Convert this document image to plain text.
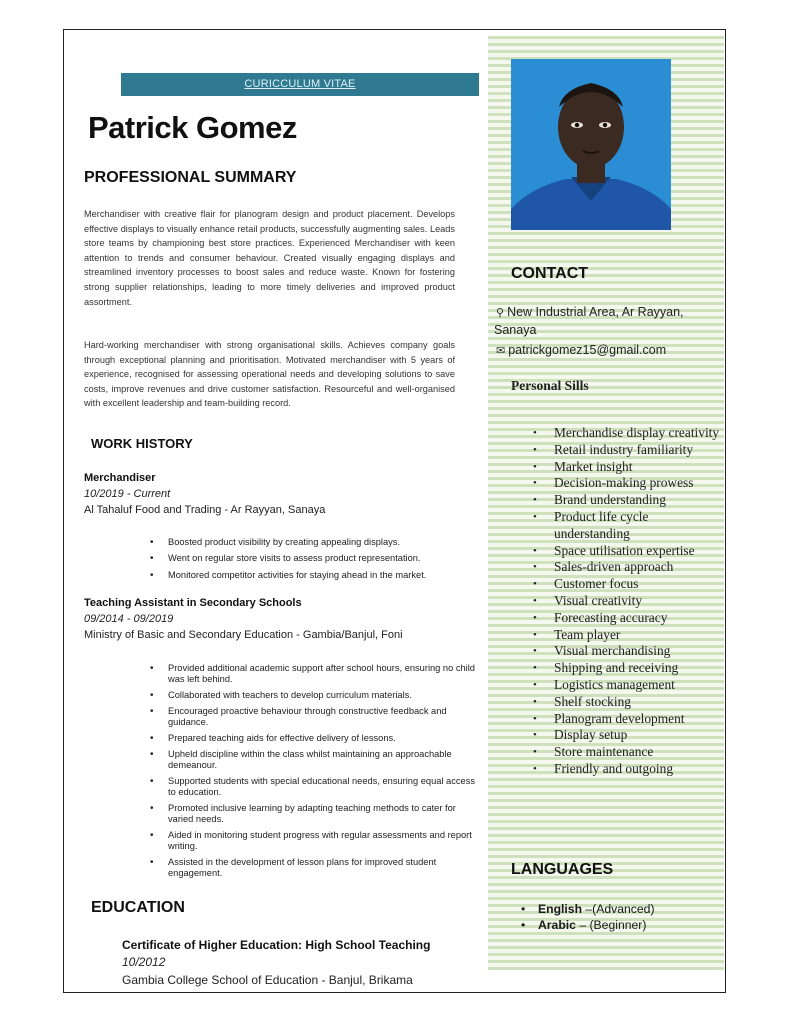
CURICCULUM VITAE
Patrick Gomez
PROFESSIONAL SUMMARY

Merchandiser with creative flair for planogram design and product placement. Develops effective displays to visually enhance retail products, successfully augmenting sales. Leads store teams by championing best store practices. Experienced Merchandiser with keen attention to trends and consumer behaviour. Created visually engaging displays and streamlined inventory processes to boost sales and reduce waste. Known for fostering strong supplier relationships, leading to more timely deliveries and improved product assortment.

Hard-working merchandiser with strong organisational skills. Achieves company goals through exceptional planning and prioritisation. Motivated merchandiser with 5 years of experience, recognised for assessing operational needs and developing solutions to save costs, improve revenues and drive customer satisfaction. Resourceful and well-organised with excellent leadership and team-building record.

WORK HISTORY
Merchandiser
10/2019 - Current
Al Tahaluf Food and Trading - Ar Rayyan, Sanaya
• Boosted product visibility by creating appealing displays.
• Went on regular store visits to assess product representation.
• Monitored competitor activities for staying ahead in the market.
Teaching Assistant in Secondary Schools
09/2014 - 09/2019
Ministry of Basic and Secondary Education - Gambia/Banjul, Foni
• Provided additional academic support after school hours, ensuring no child was left behind.
• Collaborated with teachers to develop curriculum materials.
• Encouraged proactive behaviour through constructive feedback and guidance.
• Prepared teaching aids for effective delivery of lessons.
• Upheld discipline within the class whilst maintaining an approachable demeanour.
• Supported students with special educational needs, ensuring equal access to education.
• Promoted inclusive learning by adapting teaching methods to cater for varied needs.
• Aided in monitoring student progress with regular assessments and report writing.
• Assisted in the development of lesson plans for improved student engagement.
EDUCATION
Certificate of Higher Education: High School Teaching
10/2012
Gambia College School of Education - Banjul, Brikama
CONTACT
⚲ New Industrial Area, Ar Rayyan,
Sanaya
✉ patrickgomez15@gmail.com
Personal Sills
• Merchandise display creativity
• Retail industry familiarity
• Market insight
• Decision-making prowess
• Brand understanding
• Product life cycle understanding
• Space utilisation expertise
• Sales-driven approach
• Customer focus
• Visual creativity
• Forecasting accuracy
• Team player
• Visual merchandising
• Shipping and receiving
• Logistics management
• Shelf stocking
• Planogram development
• Display setup
• Store maintenance
• Friendly and outgoing
LANGUAGES
• English –(Advanced)
• Arabic – (Beginner)
